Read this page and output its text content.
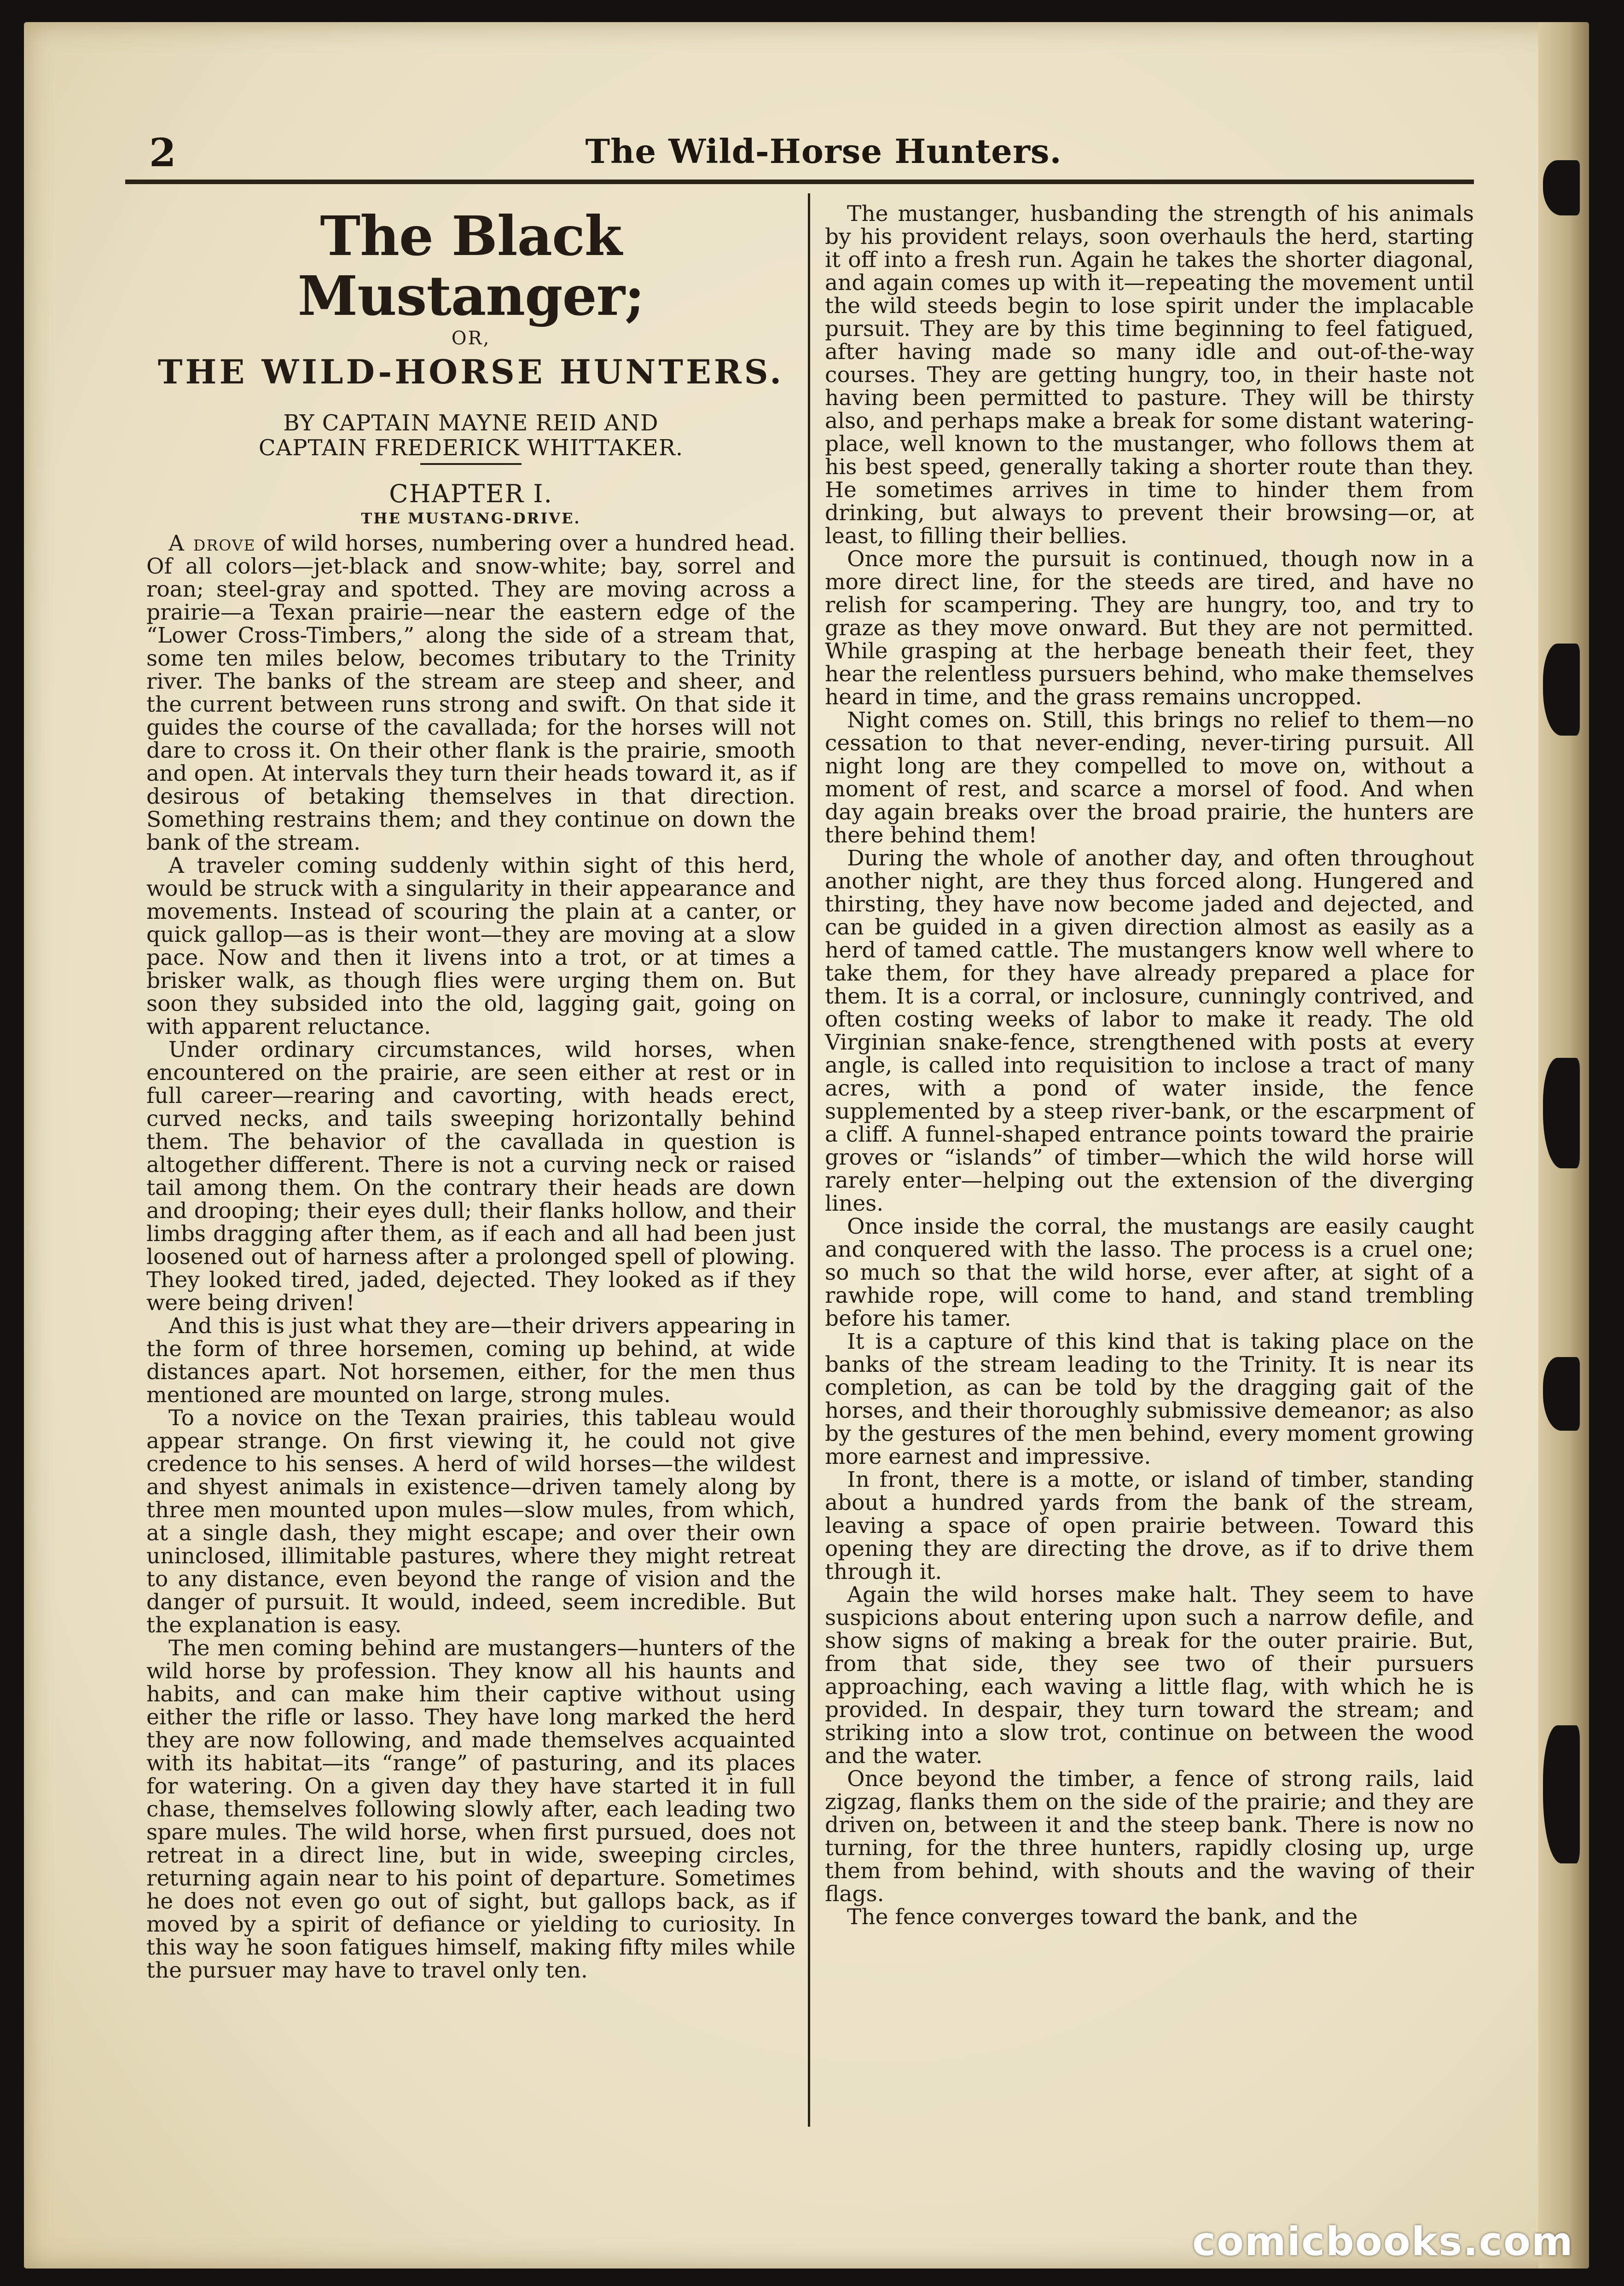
2	The Wild-Horse Hunters.
The Black Mustanger;
OR,
THE WILD-HORSE HUNTERS.
BY CAPTAIN MAYNE REID AND
CAPTAIN FREDERICK WHITTAKER.
CHAPTER I.
THE MUSTANG-DRIVE.

A drove of wild horses, numbering over a hundred head. Of all colors—jet-black and snow-white; bay, sorrel and roan; steel-gray and spotted. They are moving across a prairie—a Texan prairie—near the eastern edge of the “Lower Cross-Timbers,” along the side of a stream that, some ten miles below, becomes tributary to the Trinity river. The banks of the stream are steep and sheer, and the current between runs strong and swift. On that side it guides the course of the cavallada; for the horses will not dare to cross it. On their other flank is the prairie, smooth and open. At intervals they turn their heads toward it, as if desirous of betaking themselves in that direction. Something restrains them; and they continue on down the bank of the stream.

A traveler coming suddenly within sight of this herd, would be struck with a singularity in their appearance and movements. Instead of scouring the plain at a canter, or quick gallop—as is their wont—they are moving at a slow pace. Now and then it livens into a trot, or at times a brisker walk, as though flies were urging them on. But soon they subsided into the old, lagging gait, going on with apparent reluctance.

Under ordinary circumstances, wild horses, when encountered on the prairie, are seen either at rest or in full career—rearing and cavorting, with heads erect, curved necks, and tails sweeping horizontally behind them. The behavior of the cavallada in question is altogether different. There is not a curving neck or raised tail among them. On the contrary their heads are down and drooping; their eyes dull; their flanks hollow, and their limbs dragging after them, as if each and all had been just loosened out of harness after a prolonged spell of plowing. They looked tired, jaded, dejected. They looked as if they were being driven!

And this is just what they are—their drivers appearing in the form of three horsemen, coming up behind, at wide distances apart. Not horsemen, either, for the men thus mentioned are mounted on large, strong mules.

To a novice on the Texan prairies, this tableau would appear strange. On first viewing it, he could not give credence to his senses. A herd of wild horses—the wildest and shyest animals in existence—driven tamely along by three men mounted upon mules—slow mules, from which, at a single dash, they might escape; and over their own uninclosed, illimitable pastures, where they might retreat to any distance, even beyond the range of vision and the danger of pursuit. It would, indeed, seem incredible. But the explanation is easy.

The men coming behind are mustangers—hunters of the wild horse by profession. They know all his haunts and habits, and can make him their captive without using either the rifle or lasso. They have long marked the herd they are now following, and made themselves acquainted with its habitat—its “range” of pasturing, and its places for watering. On a given day they have started it in full chase, themselves following slowly after, each leading two spare mules. The wild horse, when first pursued, does not retreat in a direct line, but in wide, sweeping circles, returning again near to his point of departure. Sometimes he does not even go out of sight, but gallops back, as if moved by a spirit of defiance or yielding to curiosity. In this way he soon fatigues himself, making fifty miles while the pursuer may have to travel only ten.

The mustanger, husbanding the strength of his animals by his provident relays, soon overhauls the herd, starting it off into a fresh run. Again he takes the shorter diagonal, and again comes up with it—repeating the movement until the wild steeds begin to lose spirit under the implacable pursuit. They are by this time beginning to feel fatigued, after having made so many idle and out-of-the-way courses. They are getting hungry, too, in their haste not having been permitted to pasture. They will be thirsty also, and perhaps make a break for some distant watering-place, well known to the mustanger, who follows them at his best speed, generally taking a shorter route than they. He sometimes arrives in time to hinder them from drinking, but always to prevent their browsing—or, at least, to filling their bellies.

Once more the pursuit is continued, though now in a more direct line, for the steeds are tired, and have no relish for scampering. They are hungry, too, and try to graze as they move onward. But they are not permitted. While grasping at the herbage beneath their feet, they hear the relentless pursuers behind, who make themselves heard in time, and the grass remains uncropped.

Night comes on. Still, this brings no relief to them—no cessation to that never-ending, never-tiring pursuit. All night long are they compelled to move on, without a moment of rest, and scarce a morsel of food. And when day again breaks over the broad prairie, the hunters are there behind them!

During the whole of another day, and often throughout another night, are they thus forced along. Hungered and thirsting, they have now become jaded and dejected, and can be guided in a given direction almost as easily as a herd of tamed cattle. The mustangers know well where to take them, for they have already prepared a place for them. It is a corral, or inclosure, cunningly contrived, and often costing weeks of labor to make it ready. The old Virginian snake-fence, strengthened with posts at every angle, is called into requisition to inclose a tract of many acres, with a pond of water inside, the fence supplemented by a steep river-bank, or the escarpment of a cliff. A funnel-shaped entrance points toward the prairie groves or “islands” of timber—which the wild horse will rarely enter—helping out the extension of the diverging lines.

Once inside the corral, the mustangs are easily caught and conquered with the lasso. The process is a cruel one; so much so that the wild horse, ever after, at sight of a rawhide rope, will come to hand, and stand trembling before his tamer.

It is a capture of this kind that is taking place on the banks of the stream leading to the Trinity. It is near its completion, as can be told by the dragging gait of the horses, and their thoroughly submissive demeanor; as also by the gestures of the men behind, every moment growing more earnest and impressive.

In front, there is a motte, or island of timber, standing about a hundred yards from the bank of the stream, leaving a space of open prairie between. Toward this opening they are directing the drove, as if to drive them through it.

Again the wild horses make halt. They seem to have suspicions about entering upon such a narrow defile, and show signs of making a break for the outer prairie. But, from that side, they see two of their pursuers approaching, each waving a little flag, with which he is provided. In despair, they turn toward the stream; and striking into a slow trot, continue on between the wood and the water.

Once beyond the timber, a fence of strong rails, laid zigzag, flanks them on the side of the prairie; and they are driven on, between it and the steep bank. There is now no turning, for the three hunters, rapidly closing up, urge them from behind, with shouts and the waving of their flags.

The fence converges toward the bank, and the

comicbooks.com
